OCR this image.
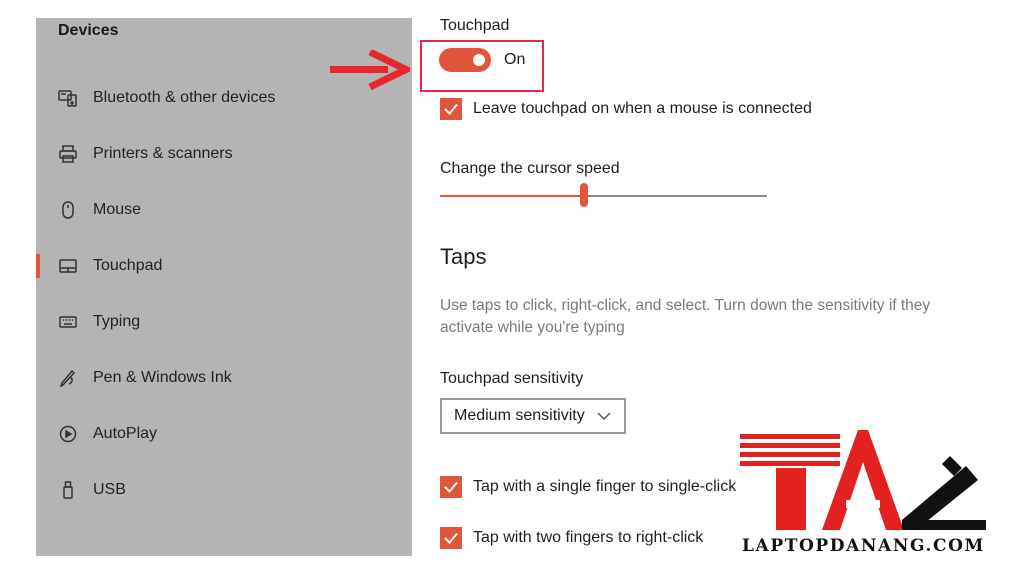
Devices
Bluetooth & other devices
Printers & scanners
Mouse
Touchpad
Typing
Pen & Windows Ink
AutoPlay
USB
Touchpad
On
Leave touchpad on when a mouse is connected
Change the cursor speed
Taps
Use taps to click, right-click, and select. Turn down the sensitivity if they
activate while you're typing
Touchpad sensitivity
Medium sensitivity
Tap with a single finger to single-click
Tap with two fingers to right-click LAPTOPDANANG.COM
